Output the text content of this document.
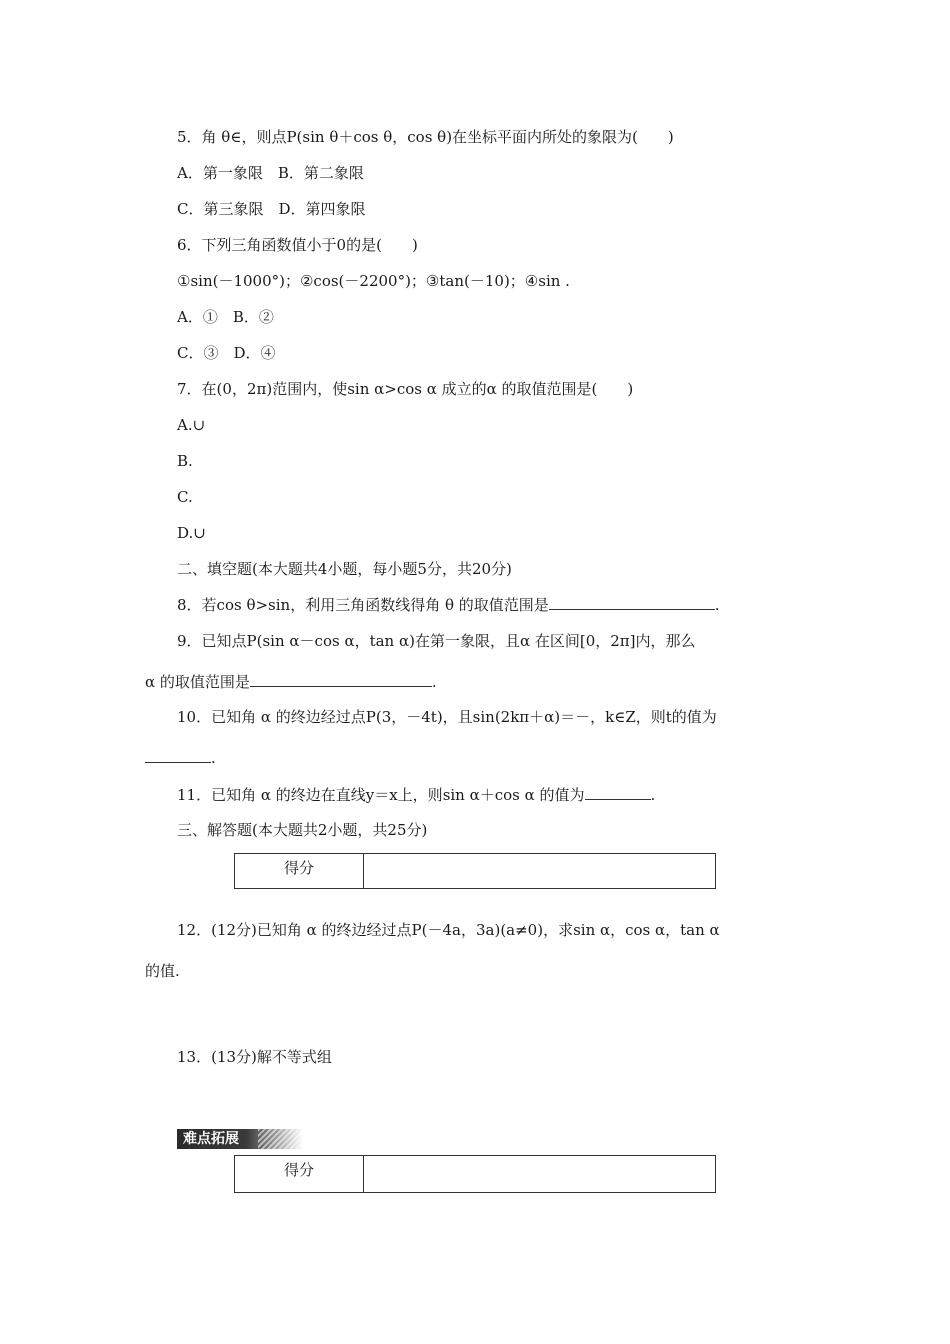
5．角 θ∈，则点P(sin θ＋cos θ，cos θ)在坐标平面内所处的象限为(　　)
A．第一象限　B．第二象限
C．第三象限　D．第四象限
6．下列三角函数值小于0的是(　　)
①sin(－1000°)；②cos(－2200°)；③tan(－10)；④sin .
A．①　B．②
C．③　D．④
7．在(0，2π)范围内，使sin α>cos α 成立的α 的取值范围是(　　)
A.∪
B.
C.
D.∪
二、填空题(本大题共4小题，每小题5分，共20分)
8．若cos θ>sin，利用三角函数线得角 θ 的取值范围是	.
9．已知点P(sin α－cos α，tan α)在第一象限，且α 在区间[0，2π]内，那么
α 的取值范围是	.
10．已知角 α 的终边经过点P(3，－4t)，且sin(2kπ＋α)＝－，k∈Z，则t的值为
.
11．已知角 α 的终边在直线y＝x上，则sin α＋cos α 的值为	.
三、解答题(本大题共2小题，共25分)
得分
12．(12分)已知角 α 的终边经过点P(－4a，3a)(a≠0)，求sin α，cos α，tan α
的值.
13．(13分)解不等式组
难点拓展
得分
